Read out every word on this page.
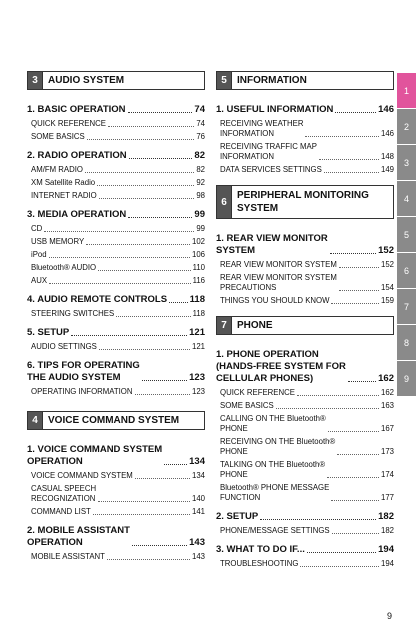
3	AUDIO SYSTEM
1. BASIC OPERATION	74
QUICK REFERENCE	74
SOME BASICS	76
2. RADIO OPERATION	82
AM/FM RADIO	82
XM Satellite Radio	92
INTERNET RADIO	98
3. MEDIA OPERATION	99
CD	99
USB MEMORY	102
iPod	106
Bluetooth® AUDIO	110
AUX	116
4. AUDIO REMOTE CONTROLS 118
STEERING SWITCHES	118
5. SETUP	121
AUDIO SETTINGS	121
6. TIPS FOR OPERATING
THE AUDIO SYSTEM	123
OPERATING INFORMATION	123
4	VOICE COMMAND SYSTEM
1. VOICE COMMAND SYSTEM
OPERATION	134
VOICE COMMAND SYSTEM	134
CASUAL SPEECH
RECOGNIZATION	140
COMMAND LIST	141
2. MOBILE ASSISTANT
OPERATION	143
MOBILE ASSISTANT	143
5	INFORMATION
1. USEFUL INFORMATION	146
RECEIVING WEATHER
INFORMATION	146
RECEIVING TRAFFIC MAP
INFORMATION	148
DATA SERVICES SETTINGS	149
6
PERIPHERAL MONITORING
SYSTEM
1. REAR VIEW MONITOR
SYSTEM	152
REAR VIEW MONITOR SYSTEM	152
REAR VIEW MONITOR SYSTEM
PRECAUTIONS	154
THINGS YOU SHOULD KNOW	159
7	PHONE
1. PHONE OPERATION
(HANDS-FREE SYSTEM FOR
CELLULAR PHONES)	162
QUICK REFERENCE	162
SOME BASICS	163
CALLING ON THE Bluetooth®
PHONE	167
RECEIVING ON THE Bluetooth®
PHONE	173
TALKING ON THE Bluetooth®
PHONE	174
Bluetooth® PHONE MESSAGE
FUNCTION	177
2. SETUP	182
PHONE/MESSAGE SETTINGS	182
3. WHAT TO DO IF...	194
TROUBLESHOOTING	194
1
2
3
4
5
6
7
8
9
9
